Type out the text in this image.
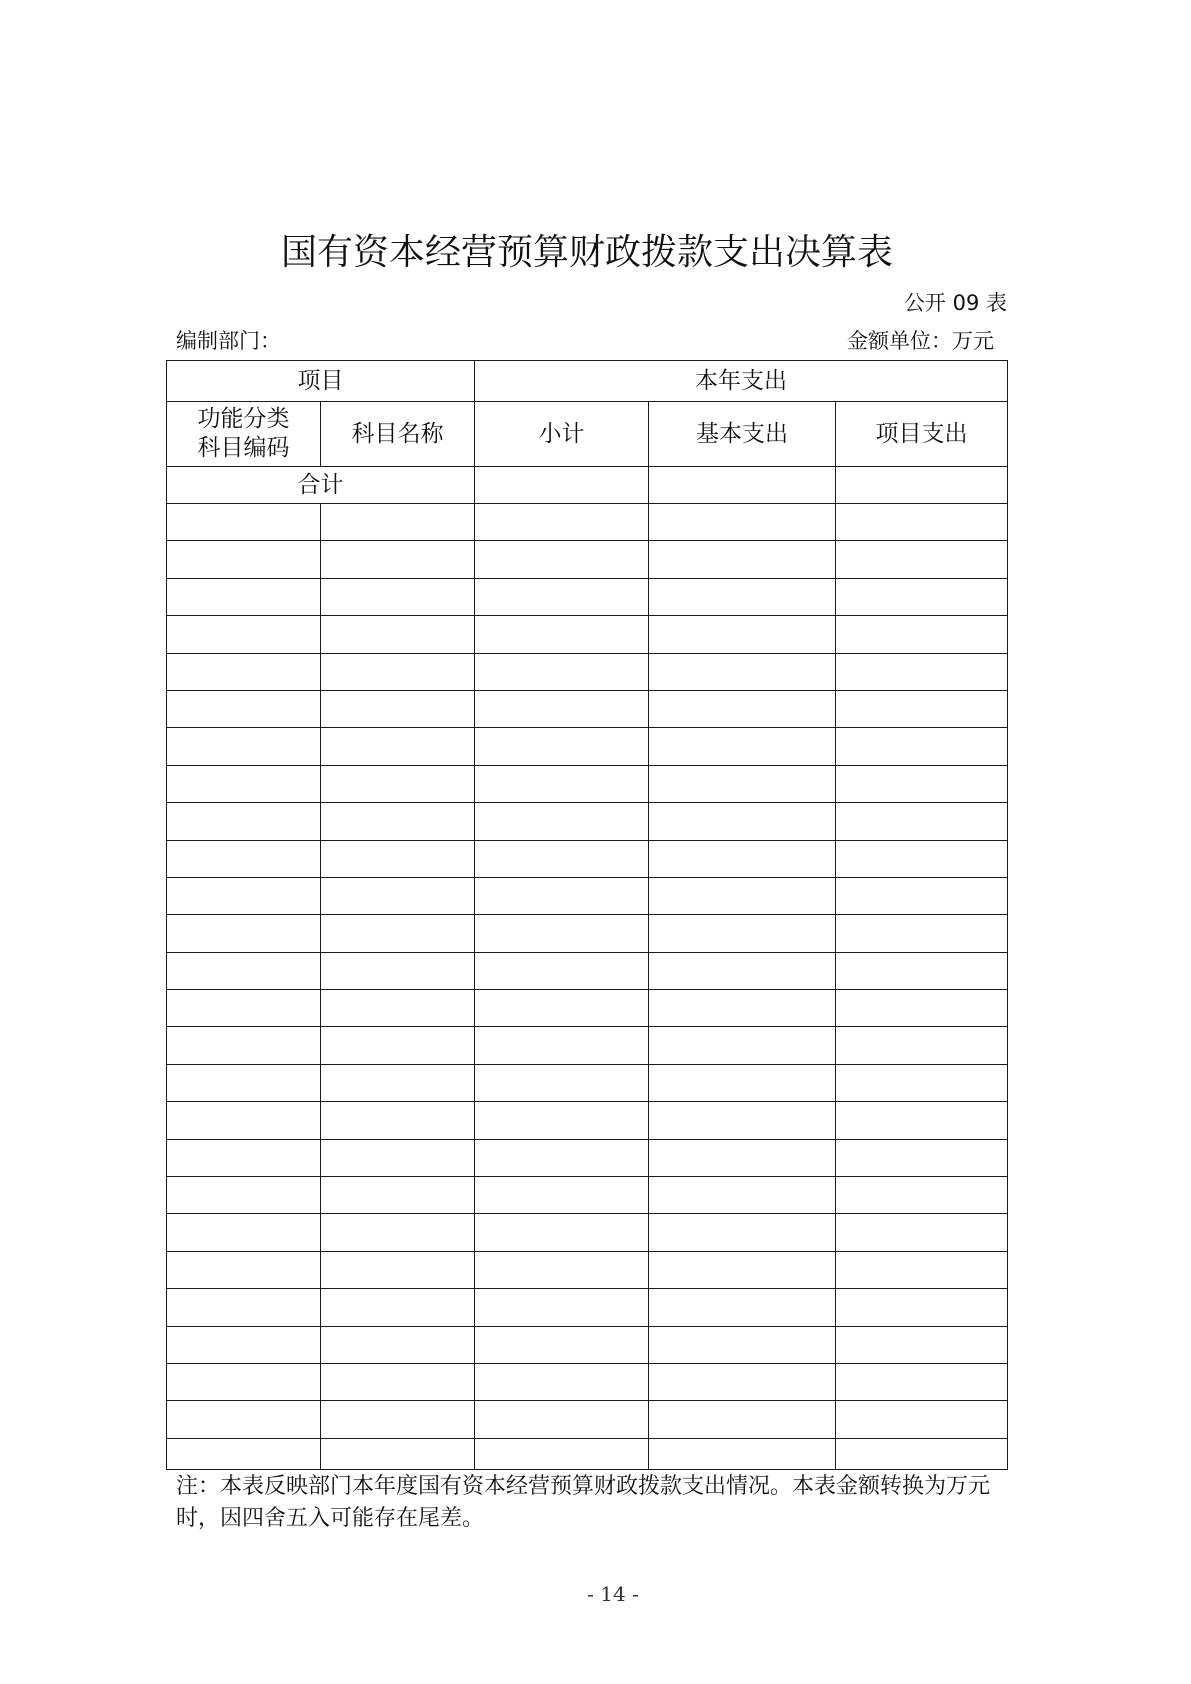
国有资本经营预算财政拨款支出决算表
公开 09 表
编制部门：	金额单位：万元
项目		本年支出		

功能分类
科目编码	科目名称	小计	基本支出	项目支出
合计				

注：本表反映部门本年度国有资本经营预算财政拨款支出情况。本表金额转换为万元
时，因四舍五入可能存在尾差。
- 14 -
